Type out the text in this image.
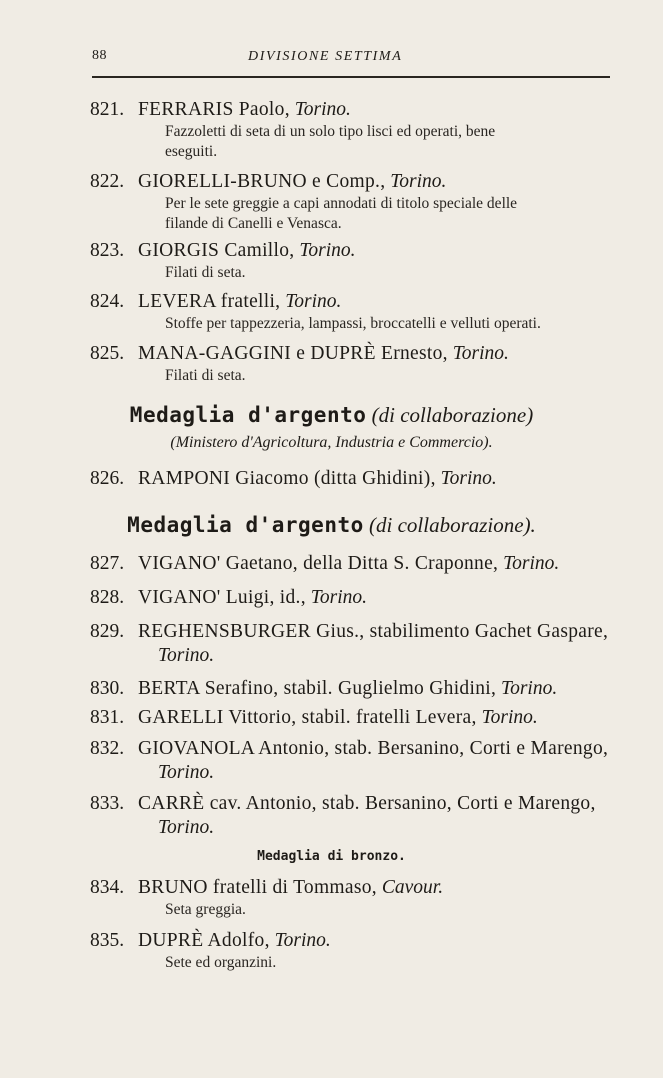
88	DIVISIONE SETTIMA
821. FERRARIS Paolo, Torino.
Fazzoletti di seta di un solo tipo lisci ed operati, bene
eseguiti.
822. GIORELLI-BRUNO e Comp., Torino.
Per le sete greggie a capi annodati di titolo speciale delle
filande di Canelli e Venasca.
823. GIORGIS Camillo, Torino.
Filati di seta.
824. LEVERA fratelli, Torino.
Stoffe per tappezzeria, lampassi, broccatelli e velluti operati.
825. MANA-GAGGINI e DUPRÈ Ernesto, Torino.
Filati di seta.
Medaglia d'argento (di collaborazione)
(Ministero d'Agricoltura, Industria e Commercio).
826. RAMPONI Giacomo (ditta Ghidini), Torino.
Medaglia d'argento (di collaborazione).
827. VIGANO' Gaetano, della Ditta S. Craponne, Torino.
828. VIGANO' Luigi, id., Torino.
829. REGHENSBURGER Gius., stabilimento Gachet Gaspare,
Torino.
830. BERTA Serafino, stabil. Guglielmo Ghidini, Torino.
831. GARELLI Vittorio, stabil. fratelli Levera, Torino.
832. GIOVANOLA Antonio, stab. Bersanino, Corti e Marengo,
Torino.
833. CARRÈ cav. Antonio, stab. Bersanino, Corti e Marengo,
Torino.
Medaglia di bronzo.
834. BRUNO fratelli di Tommaso, Cavour.
Seta greggia.
835. DUPRÈ Adolfo, Torino.
Sete ed organzini.
